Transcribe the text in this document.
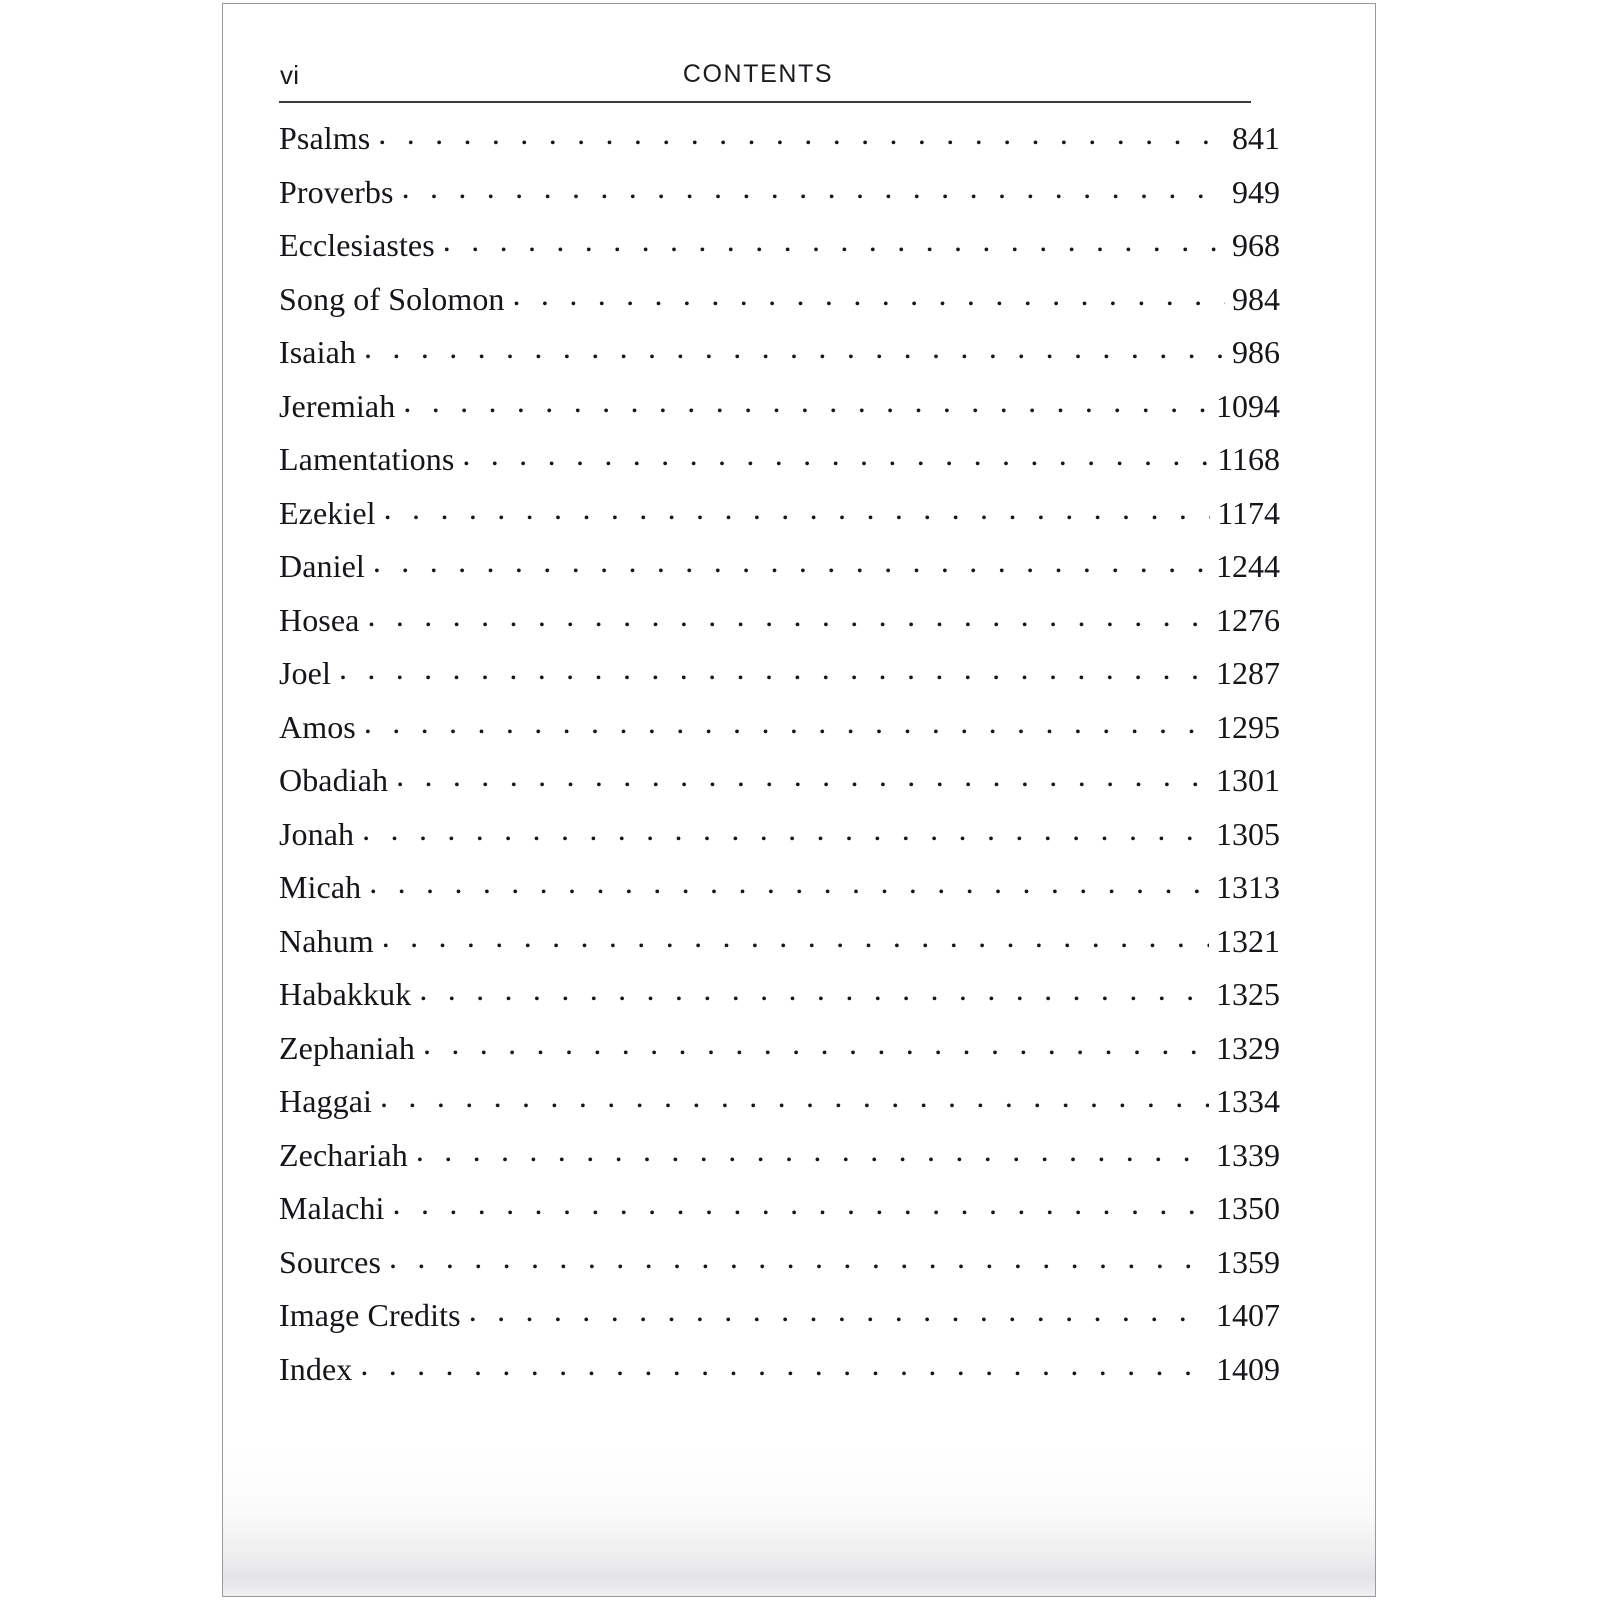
vi	CONTENTS
Psalms . . .	841
Proverbs . . .	949
Ecclesiastes . . .	968
Song of Solomon . . .	984
Isaiah . . .	986
Jeremiah . . .	1094
Lamentations . . .	1168
Ezekiel . . .	1174
Daniel . . .	1244
Hosea . . .	1276
Joel . . .	1287
Amos . . .	1295
Obadiah . . .	1301
Jonah . . .	1305
Micah . . .	1313
Nahum . . .	1321
Habakkuk . . .	1325
Zephaniah . . .	1329
Haggai . . .	1334
Zechariah . . .	1339
Malachi . . .	1350
Sources . . .	1359
Image Credits . . .	1407
Index . . .	1409
